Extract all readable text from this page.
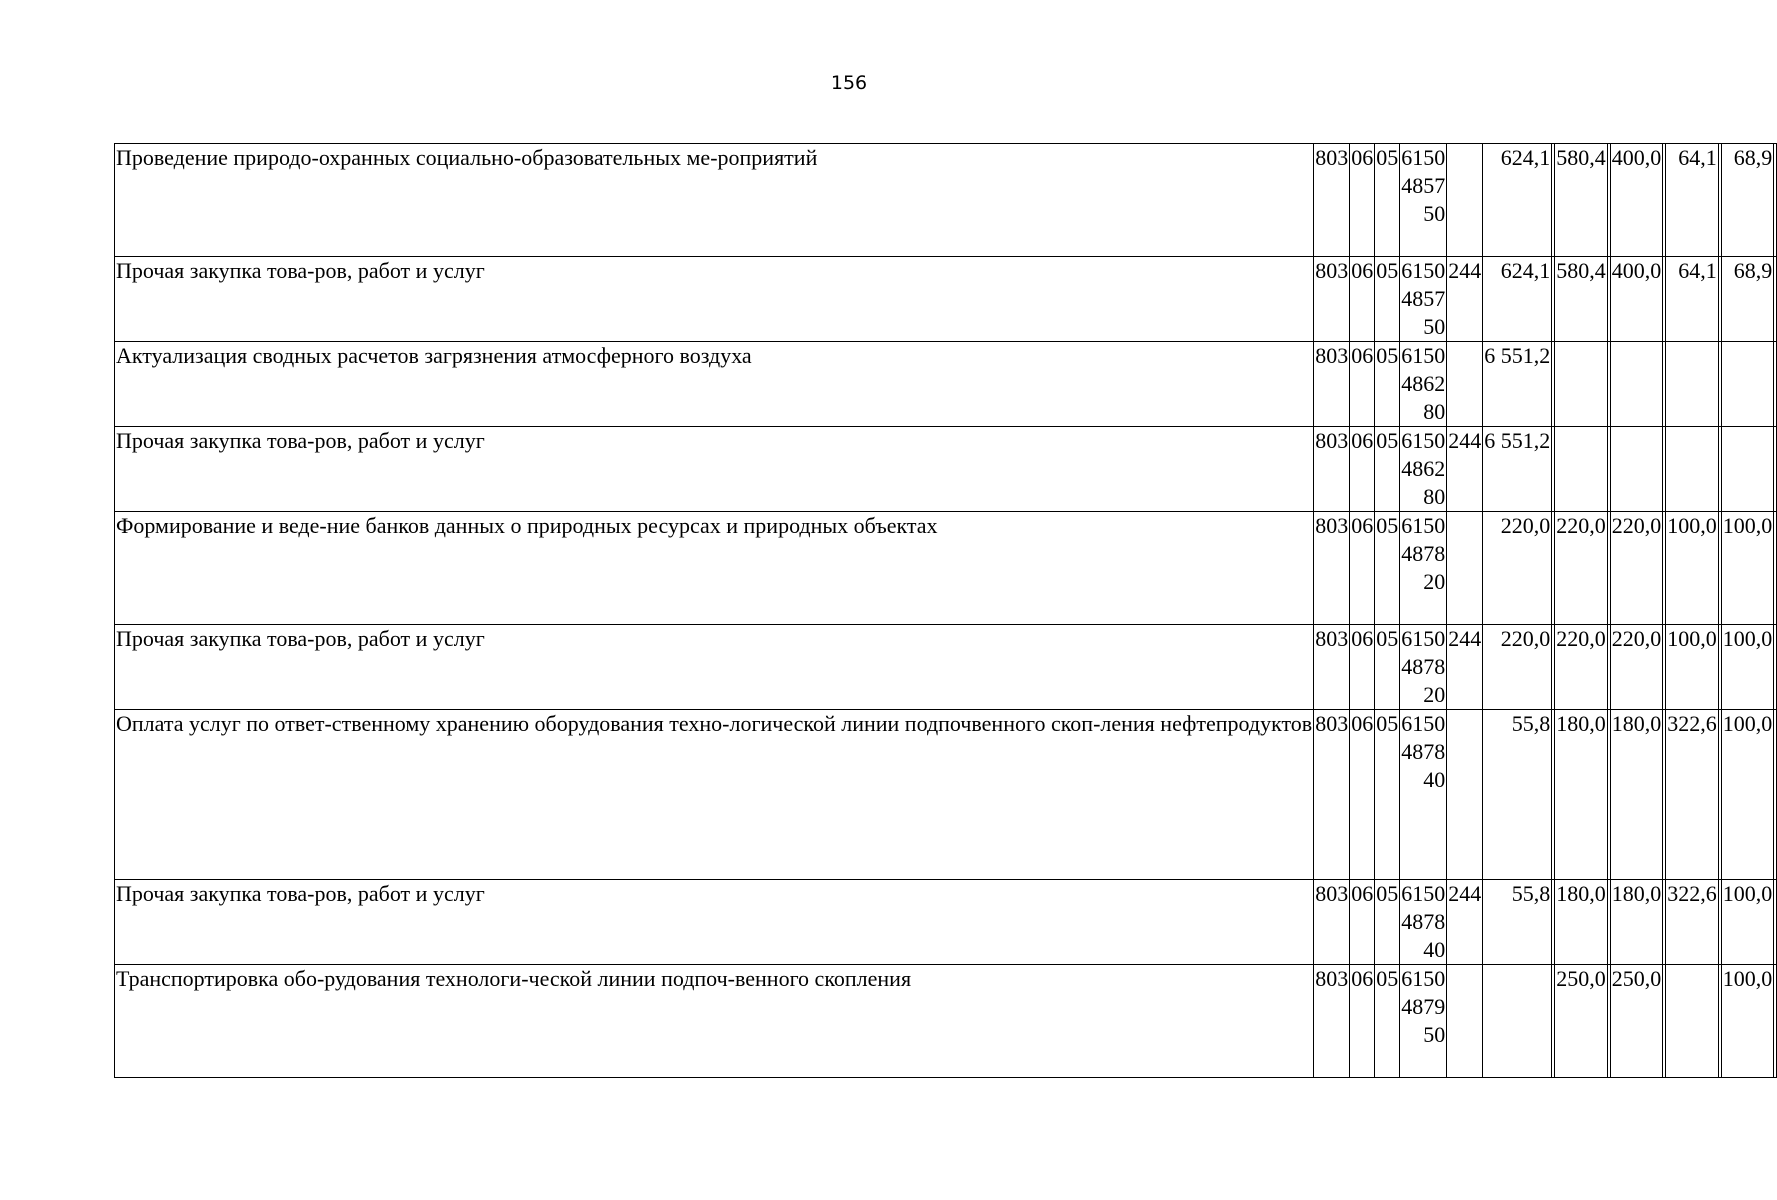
156
Проведение природо-охранных социально-образовательных ме-роприятий	803	06	05	6150
4857
50		624,1		580,4		400,0		64,1		68,9	
Прочая закупка това-ров, работ и услуг	803	06	05	6150
4857
50	244	624,1		580,4		400,0		64,1		68,9	
Актуализация сводных расчетов загрязнения атмосферного воздуха	803	06	05	6150
4862
80		6 551,2									
Прочая закупка това-ров, работ и услуг	803	06	05	6150
4862
80	244	6 551,2									
Формирование и веде-ние банков данных о природных ресурсах и природных объектах	803	06	05	6150
4878
20		220,0		220,0		220,0		100,0		100,0	
Прочая закупка това-ров, работ и услуг	803	06	05	6150
4878
20	244	220,0		220,0		220,0		100,0		100,0	
Оплата услуг по ответ-ственному хранению оборудования техно-логической линии подпочвенного скоп-ления нефтепродуктов	803	06	05	6150
4878
40		55,8		180,0		180,0		322,6		100,0	
Прочая закупка това-ров, работ и услуг	803	06	05	6150
4878
40	244	55,8		180,0		180,0		322,6		100,0	
Транспортировка обо-рудования технологи-ческой линии подпоч-венного скопления	803	06	05	6150
4879
50				250,0		250,0				100,0	
